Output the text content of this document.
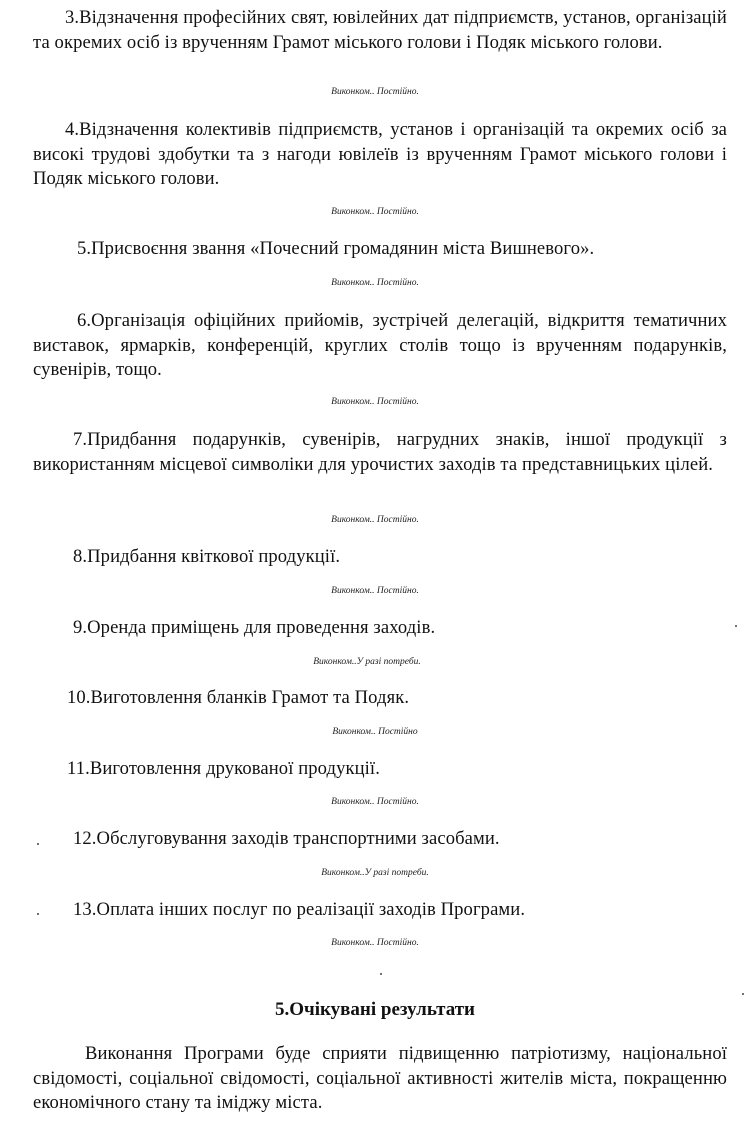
3.Відзначення професійних свят, ювілейних дат підприємств, установ, організацій та окремих осіб із врученням Грамот міського голови і Подяк міського голови.
Виконком.. Постійно.
4.Відзначення колективів підприємств, установ і організацій та окремих осіб за високі трудові здобутки та з нагоди ювілеїв із врученням Грамот міського голови і Подяк міського голови.
Виконком.. Постійно.
5.Присвоєння звання «Почесний громадянин міста Вишневого».
Виконком.. Постійно.
6.Організація офіційних прийомів, зустрічей делегацій, відкриття тематичних виставок, ярмарків, конференцій, круглих столів тощо із врученням подарунків, сувенірів, тощо.
Виконком.. Постійно.
7.Придбання подарунків, сувенірів, нагрудних знаків, іншої продукції з використанням місцевої символіки для урочистих заходів та представницьких цілей.
Виконком.. Постійно.
8.Придбання квіткової продукції.
Виконком.. Постійно.
9.Оренда приміщень для проведення заходів.
Виконком..У разі потреби.
10.Виготовлення бланків Грамот та Подяк.
Виконком.. Постійно
11.Виготовлення друкованої продукції.
Виконком.. Постійно.
12.Обслуговування заходів транспортними засобами.
Виконком..У разі потреби.
13.Оплата інших послуг по реалізації заходів Програми.
Виконком.. Постійно.
5.Очікувані результати
Виконання Програми буде сприяти підвищенню патріотизму, національної свідомості, соціальної свідомості, соціальної активності жителів міста, покращенню економічного стану та іміджу міста.
